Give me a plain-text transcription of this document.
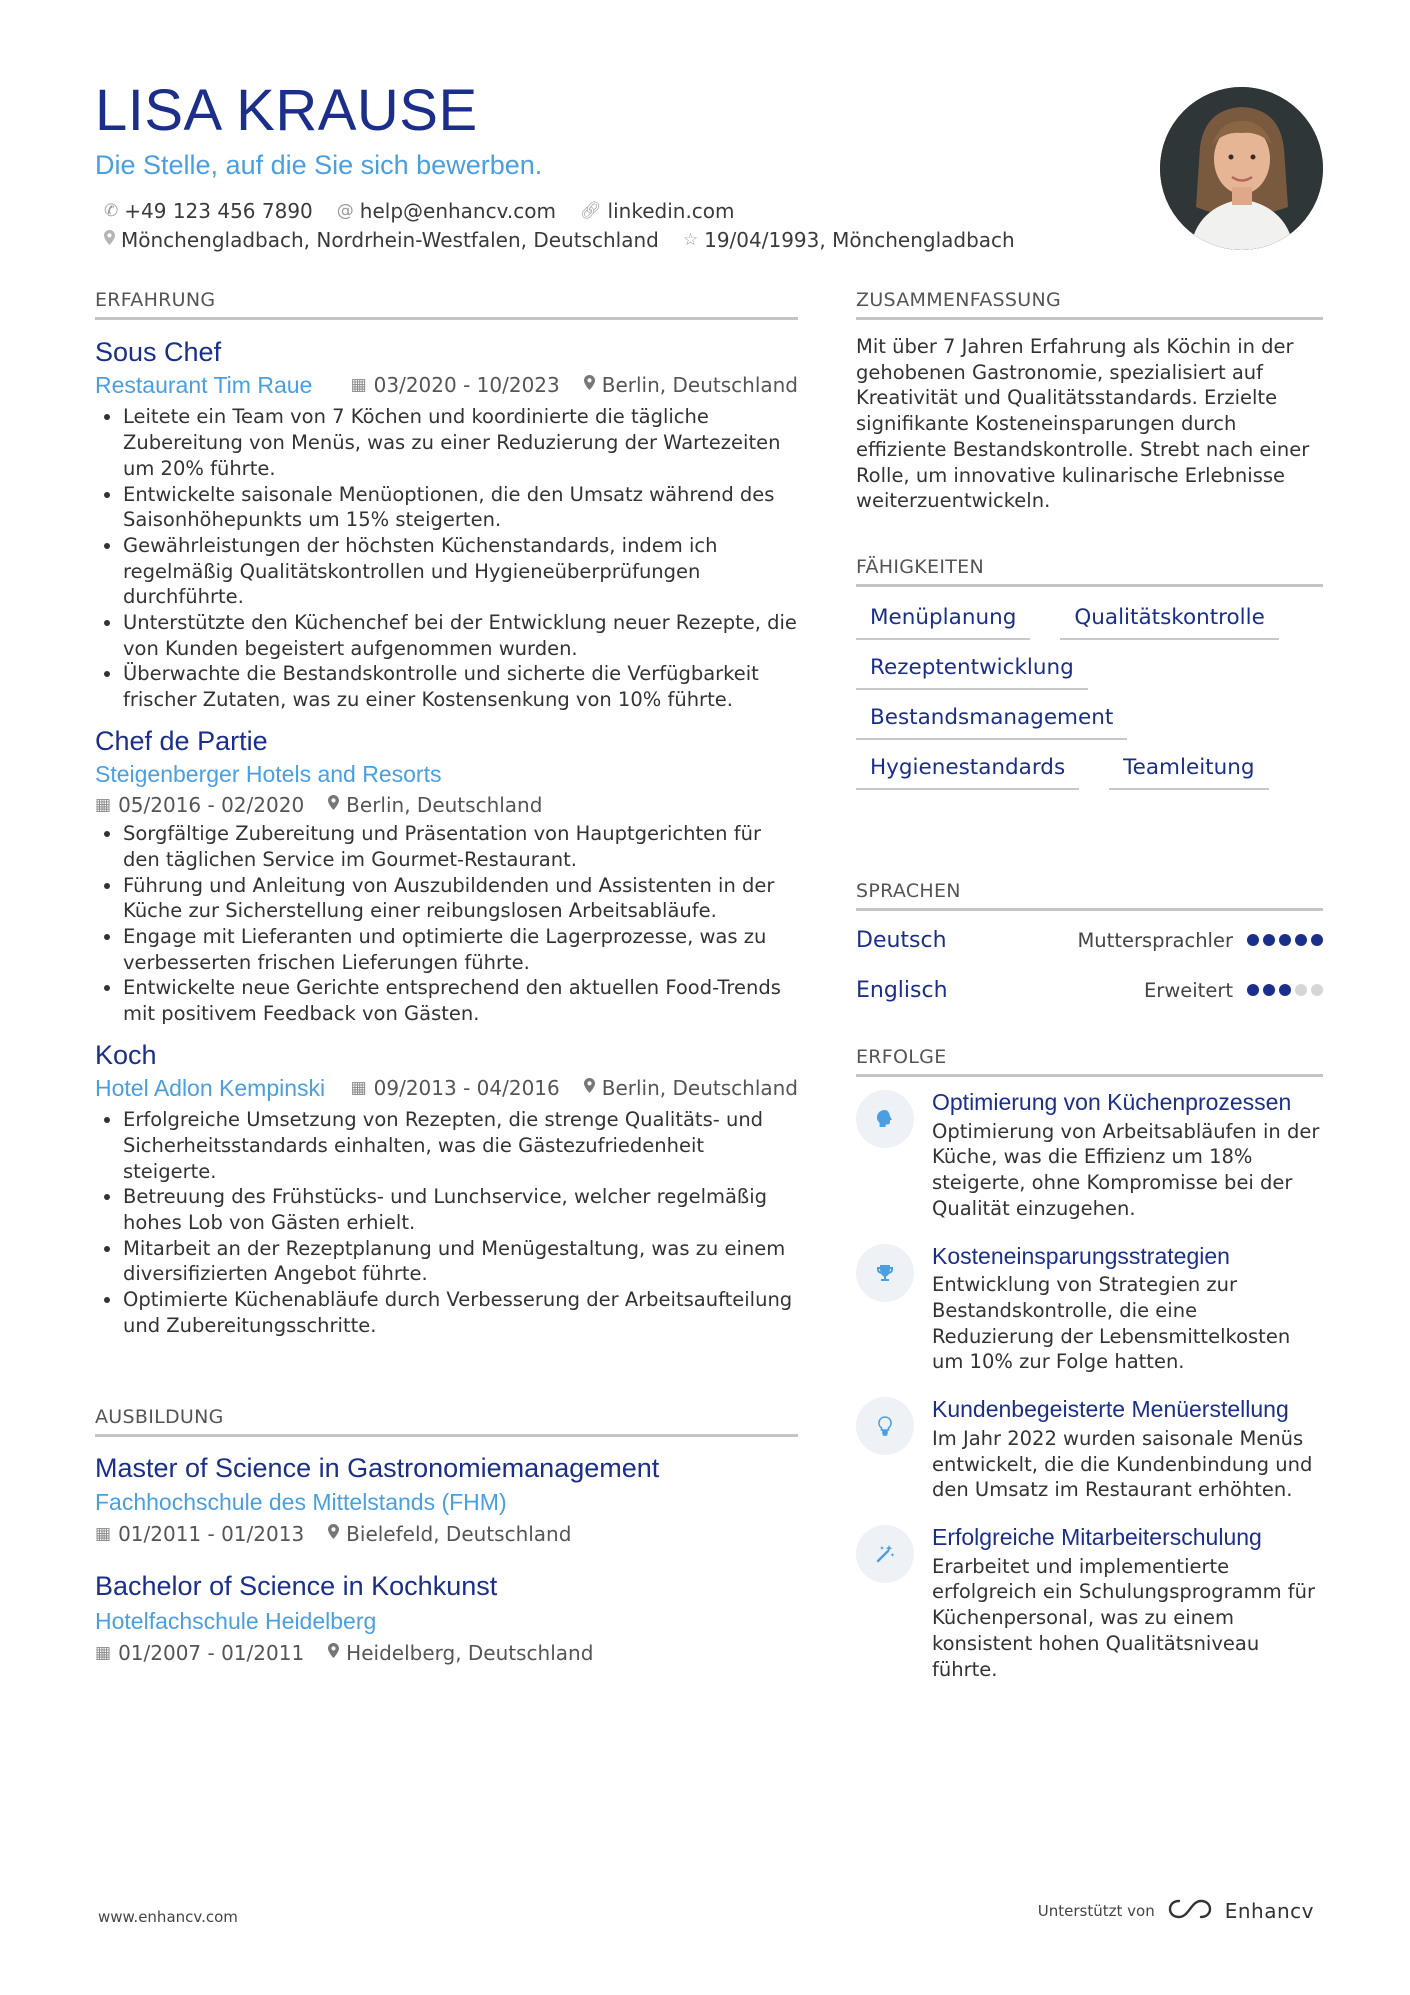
LISA KRAUSE
Die Stelle, auf die Sie sich bewerben.
✆ +49 123 456 7890 @ help@enhancv.com 🔗︎ linkedin.com
Mönchengladbach, Nordrhein-Westfalen, Deutschland ☆ 19/04/1993, Mönchengladbach
ERFAHRUNG
Sous Chef
Restaurant Tim Raue ▦ 03/2020 - 10/2023 Berlin, Deutschland
• Leitete ein Team von 7 Köchen und koordinierte die tägliche Zubereitung von Menüs, was zu einer Reduzierung der Wartezeiten um 20% führte.
• Entwickelte saisonale Menüoptionen, die den Umsatz während des Saisonhöhepunkts um 15% steigerten.
• Gewährleistungen der höchsten Küchenstandards, indem ich regelmäßig Qualitätskontrollen und Hygieneüberprüfungen durchführte.
• Unterstützte den Küchenchef bei der Entwicklung neuer Rezepte, die von Kunden begeistert aufgenommen wurden.
• Überwachte die Bestandskontrolle und sicherte die Verfügbarkeit frischer Zutaten, was zu einer Kostensenkung von 10% führte.
Chef de Partie
Steigenberger Hotels and Resorts
▦ 05/2016 - 02/2020 Berlin, Deutschland
• Sorgfältige Zubereitung und Präsentation von Hauptgerichten für den täglichen Service im Gourmet-Restaurant.
• Führung und Anleitung von Auszubildenden und Assistenten in der Küche zur Sicherstellung einer reibungslosen Arbeitsabläufe.
• Engage mit Lieferanten und optimierte die Lagerprozesse, was zu verbesserten frischen Lieferungen führte.
• Entwickelte neue Gerichte entsprechend den aktuellen Food-Trends mit positivem Feedback von Gästen.
Koch
Hotel Adlon Kempinski ▦ 09/2013 - 04/2016 Berlin, Deutschland
• Erfolgreiche Umsetzung von Rezepten, die strenge Qualitäts- und Sicherheitsstandards einhalten, was die Gästezufriedenheit steigerte.
• Betreuung des Frühstücks- und Lunchservice, welcher regelmäßig hohes Lob von Gästen erhielt.
• Mitarbeit an der Rezeptplanung und Menügestaltung, was zu einem diversifizierten Angebot führte.
• Optimierte Küchenabläufe durch Verbesserung der Arbeitsaufteilung und Zubereitungsschritte.
AUSBILDUNG
Master of Science in Gastronomiemanagement
Fachhochschule des Mittelstands (FHM)
▦ 01/2011 - 01/2013 Bielefeld, Deutschland
Bachelor of Science in Kochkunst
Hotelfachschule Heidelberg
▦ 01/2007 - 01/2011 Heidelberg, Deutschland
ZUSAMMENFASSUNG
Mit über 7 Jahren Erfahrung als Köchin in der gehobenen Gastronomie, spezialisiert auf Kreativität und Qualitätsstandards. Erzielte signifikante Kosteneinsparungen durch effiziente Bestandskontrolle. Strebt nach einer Rolle, um innovative kulinarische Erlebnisse weiterzuentwickeln.
FÄHIGKEITEN
Menüplanung	Qualitätskontrolle
Rezeptentwicklung
Bestandsmanagement
Hygienestandards	Teamleitung
SPRACHEN
Deutsch	Muttersprachler
Englisch	Erweitert
ERFOLGE
Optimierung von Küchenprozessen
Optimierung von Arbeitsabläufen in der Küche, was die Effizienz um 18% steigerte, ohne Kompromisse bei der Qualität einzugehen.
Kosteneinsparungsstrategien
Entwicklung von Strategien zur Bestandskontrolle, die eine Reduzierung der Lebensmittelkosten um 10% zur Folge hatten.
Kundenbegeisterte Menüerstellung
Im Jahr 2022 wurden saisonale Menüs entwickelt, die die Kundenbindung und den Umsatz im Restaurant erhöhten.
Erfolgreiche Mitarbeiterschulung
Erarbeitet und implementierte erfolgreich ein Schulungsprogramm für Küchenpersonal, was zu einem konsistent hohen Qualitätsniveau führte.
www.enhancv.com	Unterstützt von	Enhancv
